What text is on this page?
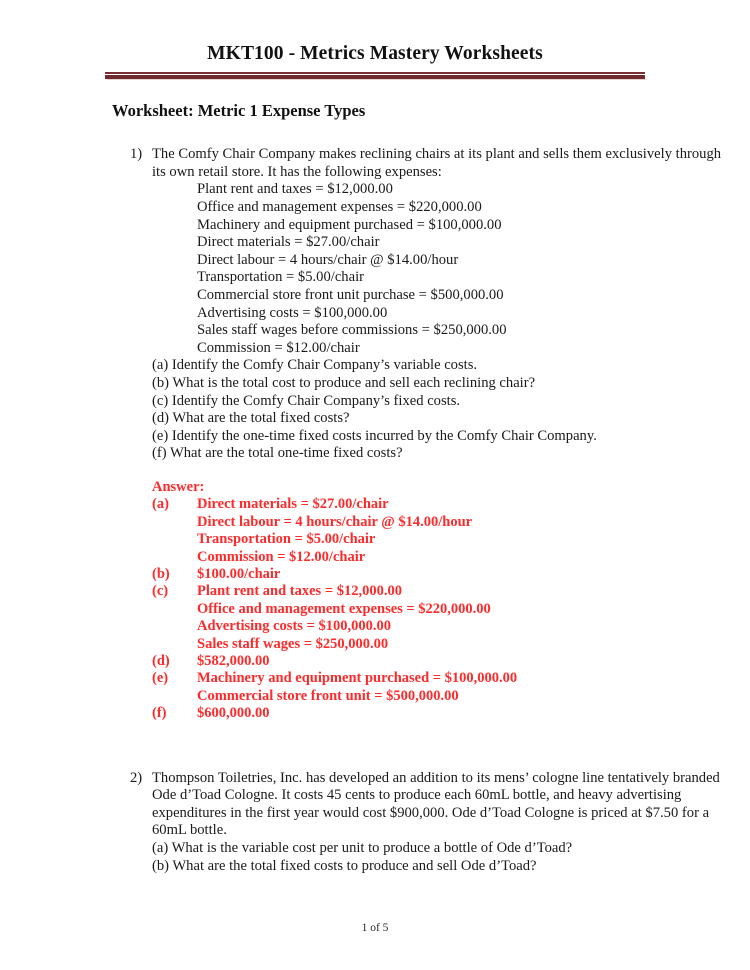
MKT100 - Metrics Mastery Worksheets
Worksheet: Metric 1 Expense Types
1) The Comfy Chair Company makes reclining chairs at its plant and sells them exclusively through its own retail store. It has the following expenses:
Plant rent and taxes = $12,000.00
Office and management expenses = $220,000.00
Machinery and equipment purchased = $100,000.00
Direct materials = $27.00/chair
Direct labour = 4 hours/chair @ $14.00/hour
Transportation = $5.00/chair
Commercial store front unit purchase = $500,000.00
Advertising costs = $100,000.00
Sales staff wages before commissions = $250,000.00
Commission = $12.00/chair
(a) Identify the Comfy Chair Company’s variable costs.
(b) What is the total cost to produce and sell each reclining chair?
(c) Identify the Comfy Chair Company’s fixed costs.
(d) What are the total fixed costs?
(e) Identify the one-time fixed costs incurred by the Comfy Chair Company.
(f) What are the total one-time fixed costs?
Answer:
(a)	Direct materials = $27.00/chair
Direct labour = 4 hours/chair @ $14.00/hour
Transportation = $5.00/chair
Commission = $12.00/chair
(b)	$100.00/chair
(c)	Plant rent and taxes = $12,000.00
Office and management expenses = $220,000.00
Advertising costs = $100,000.00
Sales staff wages = $250,000.00
(d)	$582,000.00
(e)	Machinery and equipment purchased = $100,000.00
Commercial store front unit = $500,000.00
(f)	$600,000.00
2) Thompson Toiletries, Inc. has developed an addition to its mens’ cologne line tentatively branded Ode d’Toad Cologne. It costs 45 cents to produce each 60mL bottle, and heavy advertising expenditures in the first year would cost $900,000. Ode d’Toad Cologne is priced at $7.50 for a 60mL bottle.
(a) What is the variable cost per unit to produce a bottle of Ode d’Toad?
(b) What are the total fixed costs to produce and sell Ode d’Toad?
1 of 5
